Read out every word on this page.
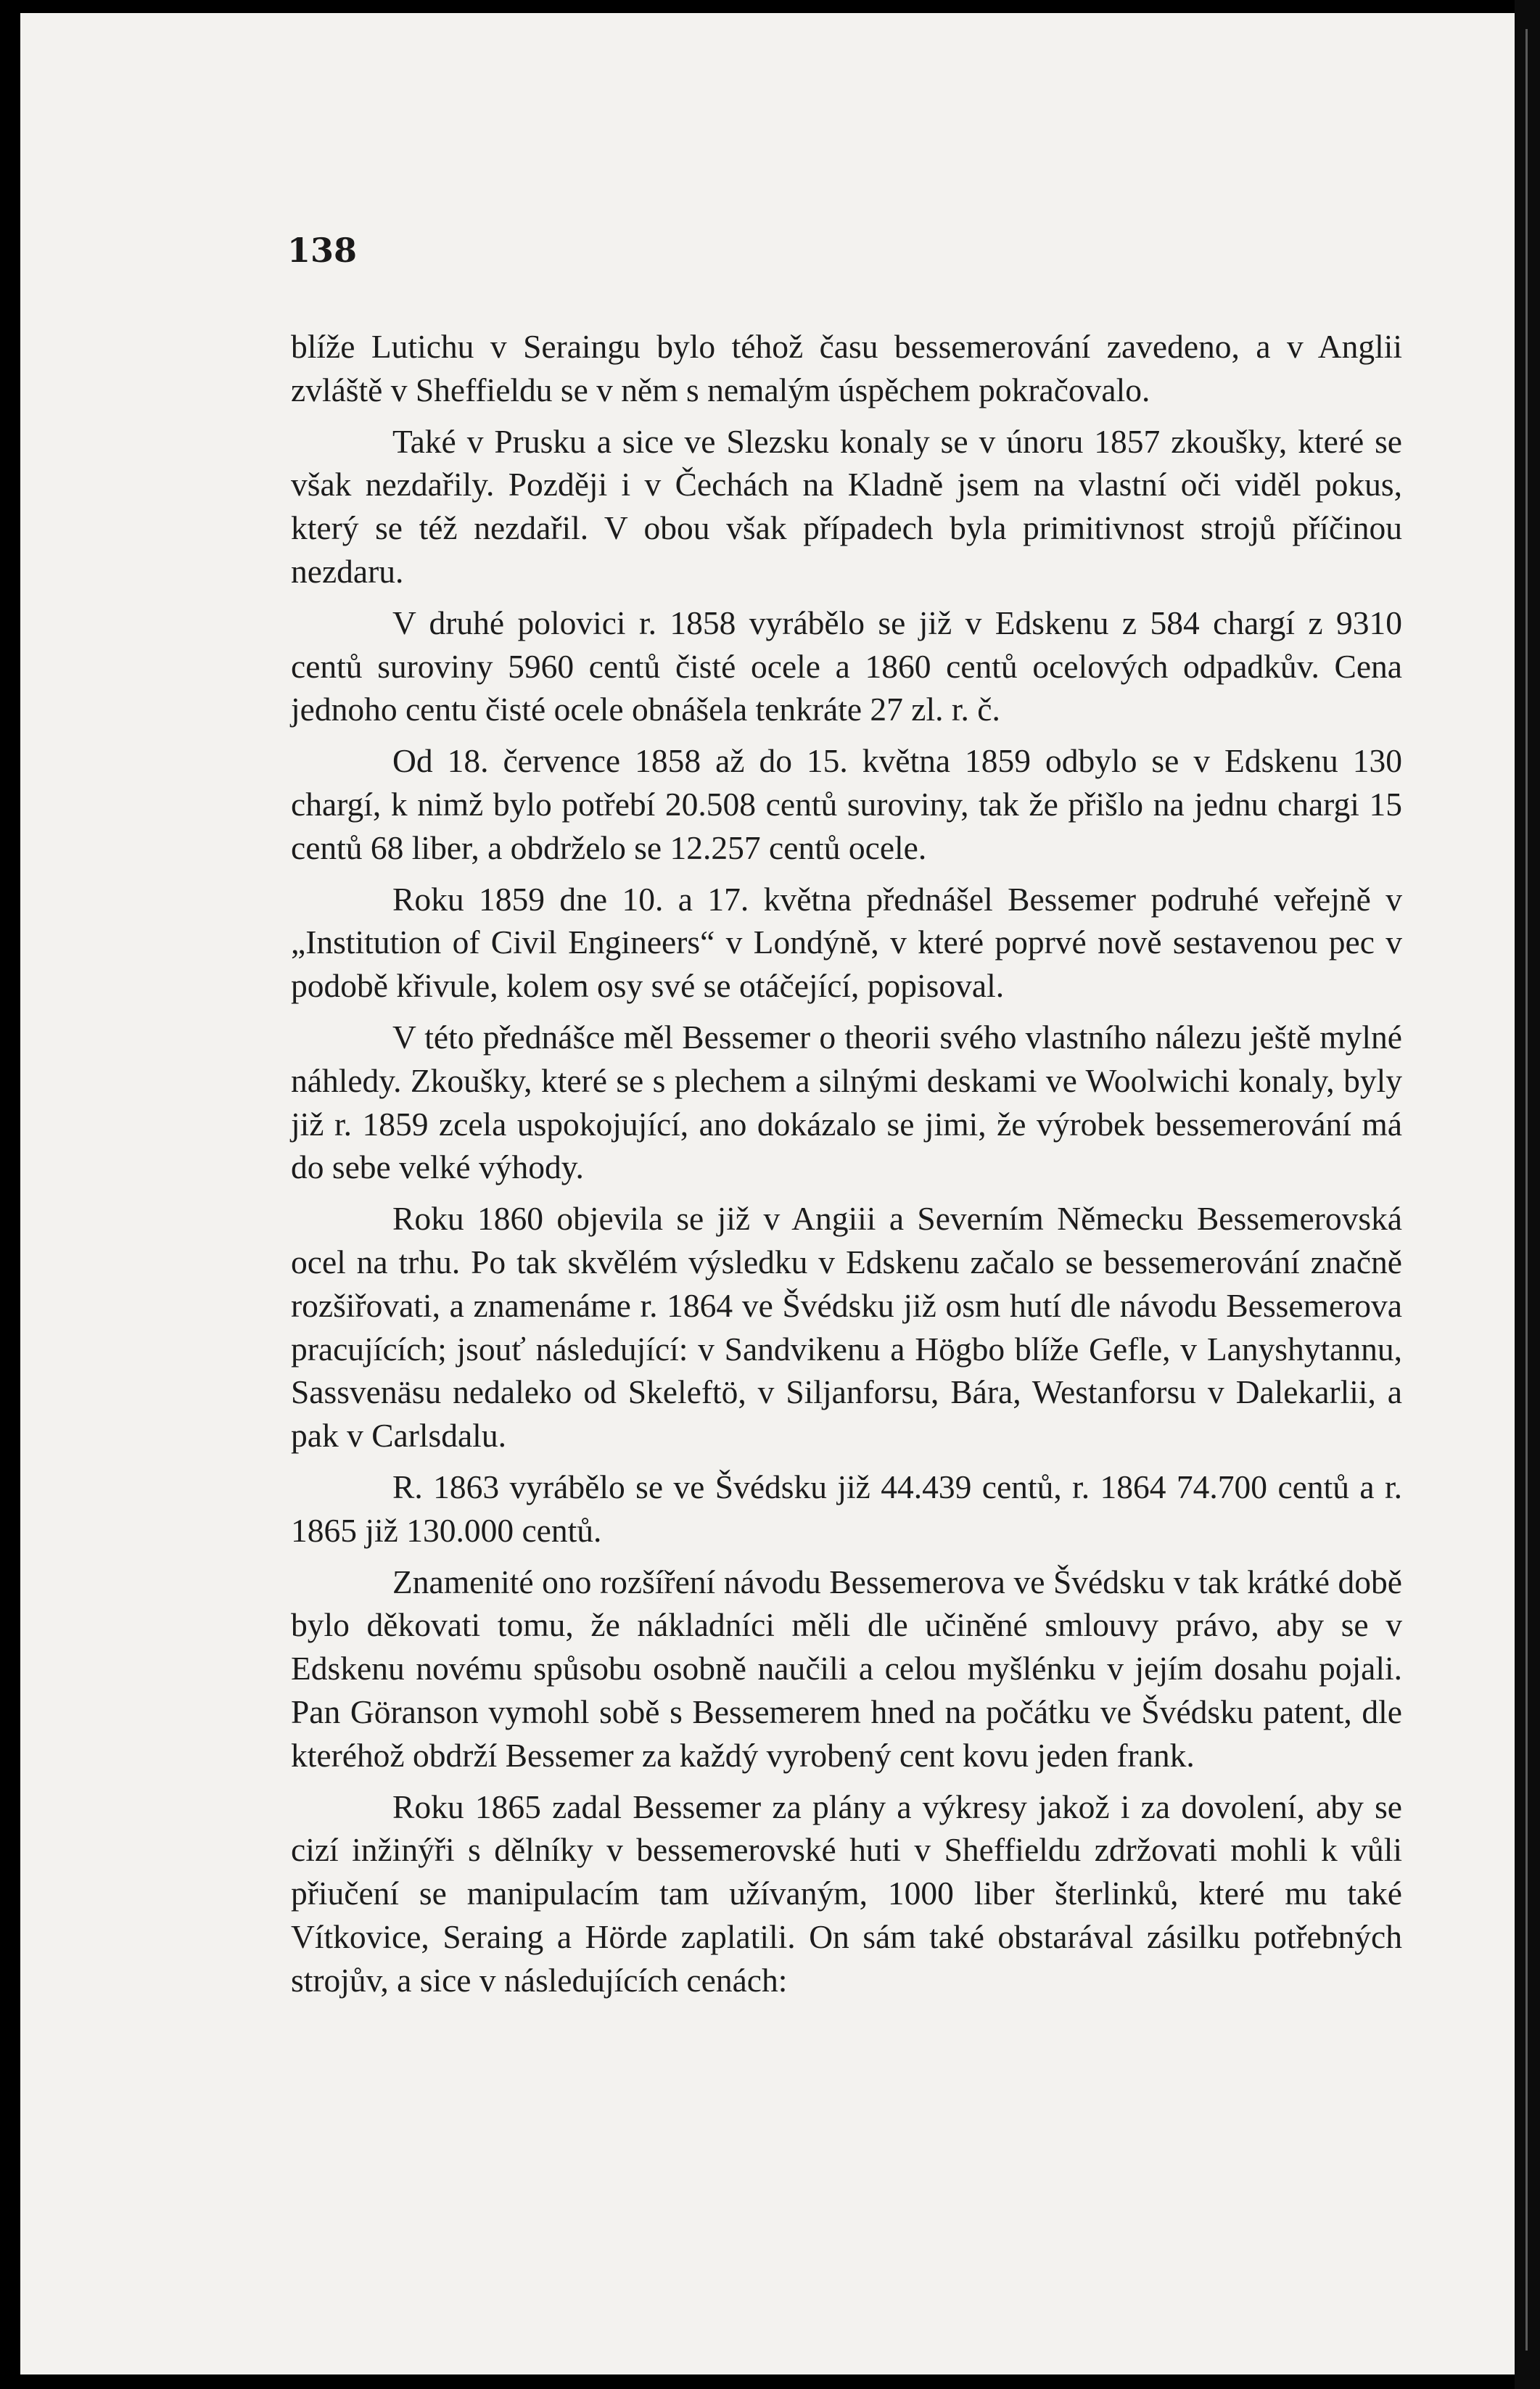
138

blíže Lutichu v Seraingu bylo téhož času bessemerování zavedeno, a v Anglii zvláště v Sheffieldu se v něm s nemalým úspěchem pokračovalo.

Také v Prusku a sice ve Slezsku konaly se v únoru 1857 zkoušky, které se však nezdařily. Později i v Čechách na Kladně jsem na vlastní oči viděl pokus, který se též nezdařil. V obou však případech byla primitivnost strojů příčinou nezdaru.

V druhé polovici r. 1858 vyrábělo se již v Edskenu z 584 chargí z 9310 centů suroviny 5960 centů čisté ocele a 1860 centů ocelových odpadkův. Cena jednoho centu čisté ocele obnášela tenkráte 27 zl. r. č.

Od 18. července 1858 až do 15. května 1859 odbylo se v Edskenu 130 chargí, k nimž bylo potřebí 20.508 centů suroviny, tak že přišlo na jednu chargi 15 centů 68 liber, a obdrželo se 12.257 centů ocele.

Roku 1859 dne 10. a 17. května přednášel Bessemer podruhé veřejně v „Institution of Civil Engineers“ v Londýně, v které poprvé nově sestavenou pec v podobě křivule, kolem osy své se otáčející, popisoval.

V této přednášce měl Bessemer o theorii svého vlastního nálezu ještě mylné náhledy. Zkoušky, které se s plechem a silnými deskami ve Woolwichi konaly, byly již r. 1859 zcela uspokojující, ano dokázalo se jimi, že výrobek bessemerování má do sebe velké výhody.

Roku 1860 objevila se již v Angiii a Severním Německu Bessemerovská ocel na trhu. Po tak skvělém výsledku v Edskenu začalo se bessemerování značně rozšiřovati, a znamenáme r. 1864 ve Švédsku již osm hutí dle návodu Bessemerova pracujících; jsouť následující: v Sandvikenu a Högbo blíže Gefle, v Lanyshytannu, Sassvenäsu nedaleko od Skeleftö, v Siljanforsu, Bára, Westanforsu v Dalekarlii, a pak v Carlsdalu.

R. 1863 vyrábělo se ve Švédsku již 44.439 centů, r. 1864 74.700 centů a r. 1865 již 130.000 centů.

Znamenité ono rozšíření návodu Bessemerova ve Švédsku v tak krátké době bylo děkovati tomu, že nákladníci měli dle učiněné smlouvy právo, aby se v Edskenu novému spůsobu osobně naučili a celou myšlénku v jejím dosahu pojali. Pan Göranson vymohl sobě s Bessemerem hned na počátku ve Švédsku patent, dle kteréhož obdrží Bessemer za každý vyrobený cent kovu jeden frank.

Roku 1865 zadal Bessemer za plány a výkresy jakož i za dovolení, aby se cizí inžinýři s dělníky v bessemerovské huti v Sheffieldu zdržovati mohli k vůli přiučení se manipulacím tam užívaným, 1000 liber šterlinků, které mu také Vítkovice, Seraing a Hörde zaplatili. On sám také obstarával zásilku potřebných strojův, a sice v následujících cenách:
